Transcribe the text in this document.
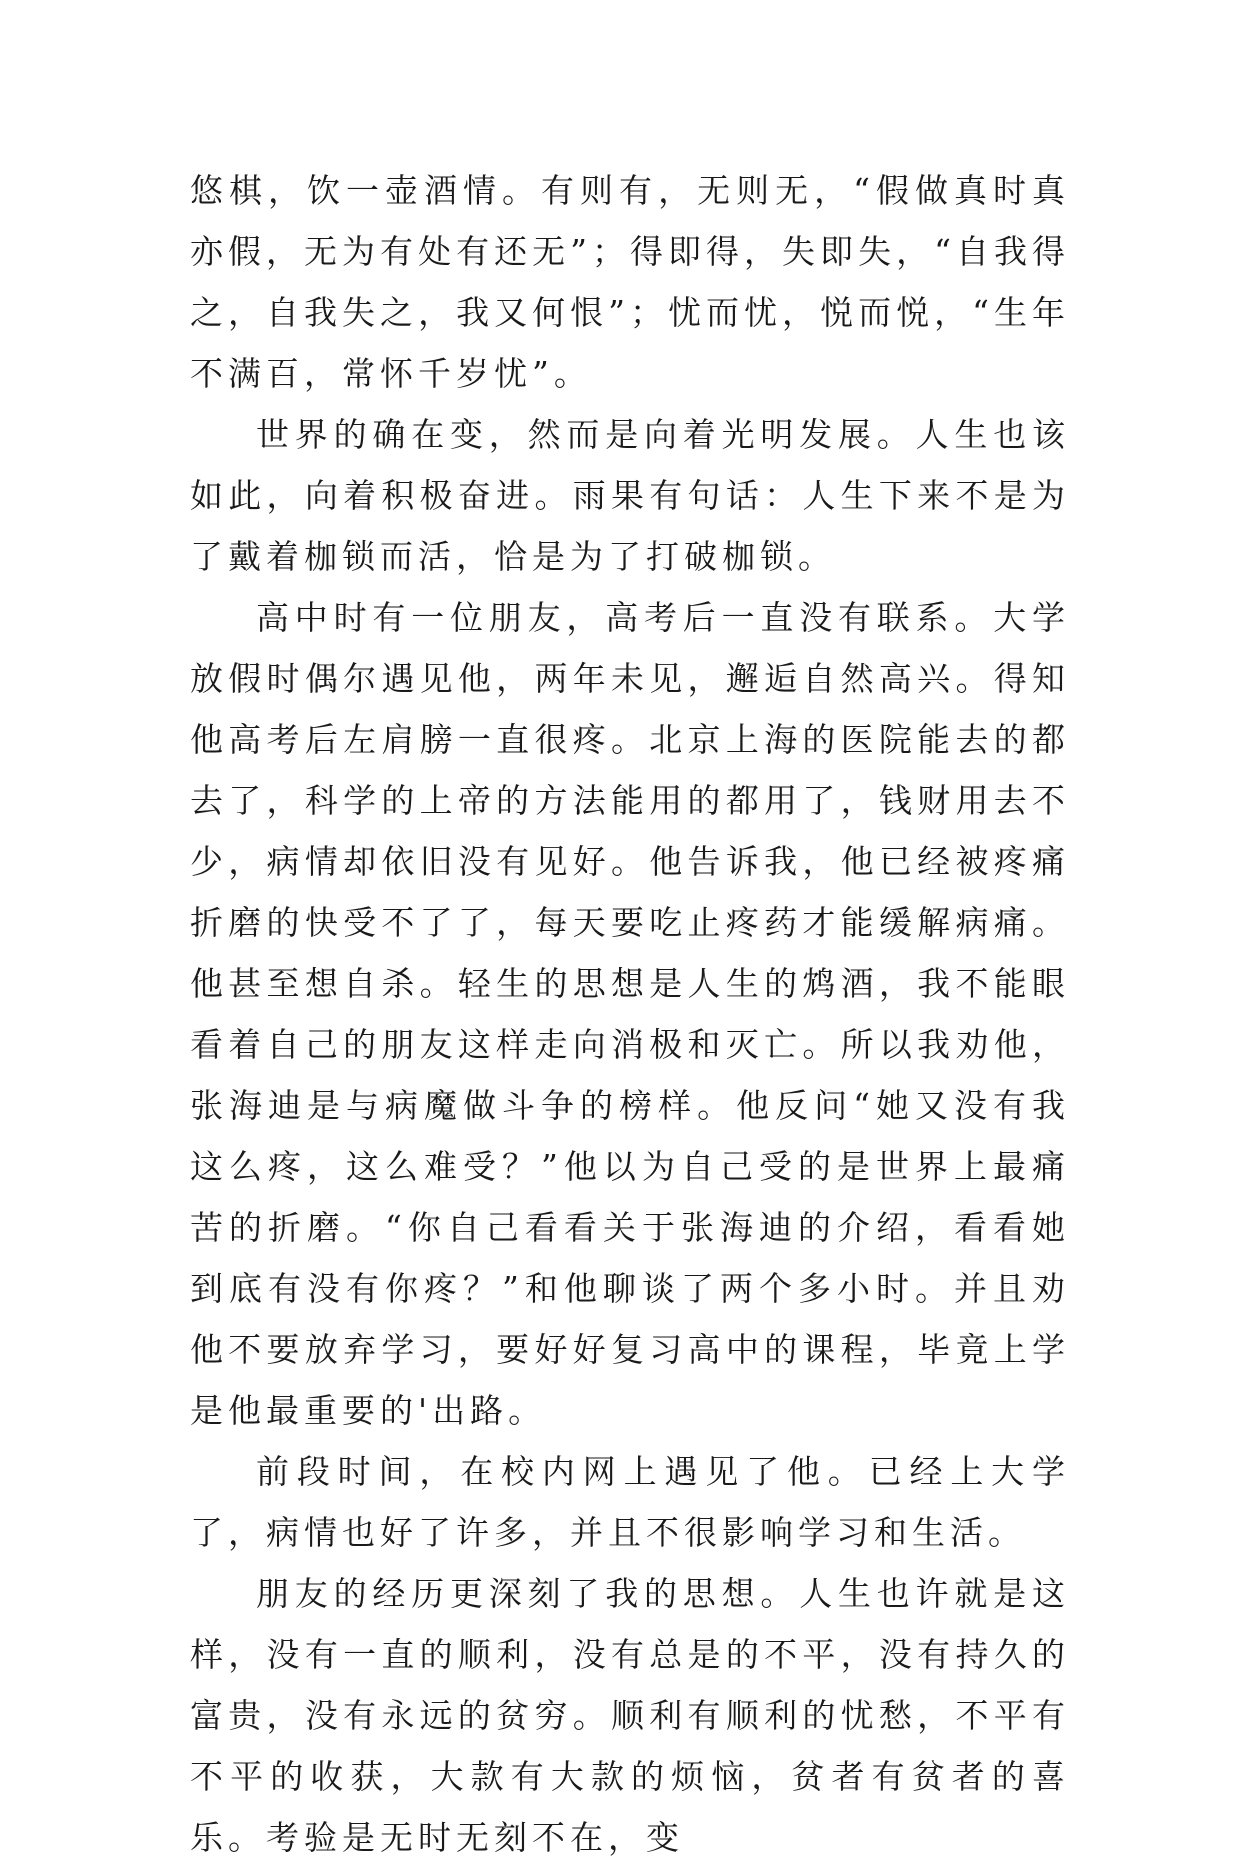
悠棋，饮一壶酒情。有则有，无则无，“假做真时真亦假，无为有处有还无”；得即得，失即失，“自我得之，自我失之，我又何恨”；忧而忧，悦而悦，“生年不满百，常怀千岁忧”。

世界的确在变，然而是向着光明发展。人生也该如此，向着积极奋进。雨果有句话：人生下来不是为了戴着枷锁而活，恰是为了打破枷锁。

高中时有一位朋友，高考后一直没有联系。大学放假时偶尔遇见他，两年未见，邂逅自然高兴。得知他高考后左肩膀一直很疼。北京上海的医院能去的都去了，科学的上帝的方法能用的都用了，钱财用去不少，病情却依旧没有见好。他告诉我，他已经被疼痛折磨的快受不了了，每天要吃止疼药才能缓解病痛。他甚至想自杀。轻生的思想是人生的鸩酒，我不能眼看着自己的朋友这样走向消极和灭亡。所以我劝他，张海迪是与病魔做斗争的榜样。他反问“她又没有我这么疼，这么难受？”他以为自己受的是世界上最痛苦的折磨。“你自己看看关于张海迪的介绍，看看她到底有没有你疼？”和他聊谈了两个多小时。并且劝他不要放弃学习，要好好复习高中的课程，毕竟上学是他最重要的'出路。

前段时间，在校内网上遇见了他。已经上大学了，病情也好了许多，并且不很影响学习和生活。

朋友的经历更深刻了我的思想。人生也许就是这样，没有一直的顺利，没有总是的不平，没有持久的富贵，没有永远的贫穷。顺利有顺利的忧愁，不平有不平的收获，大款有大款的烦恼，贫者有贫者的喜乐。考验是无时无刻不在，变
